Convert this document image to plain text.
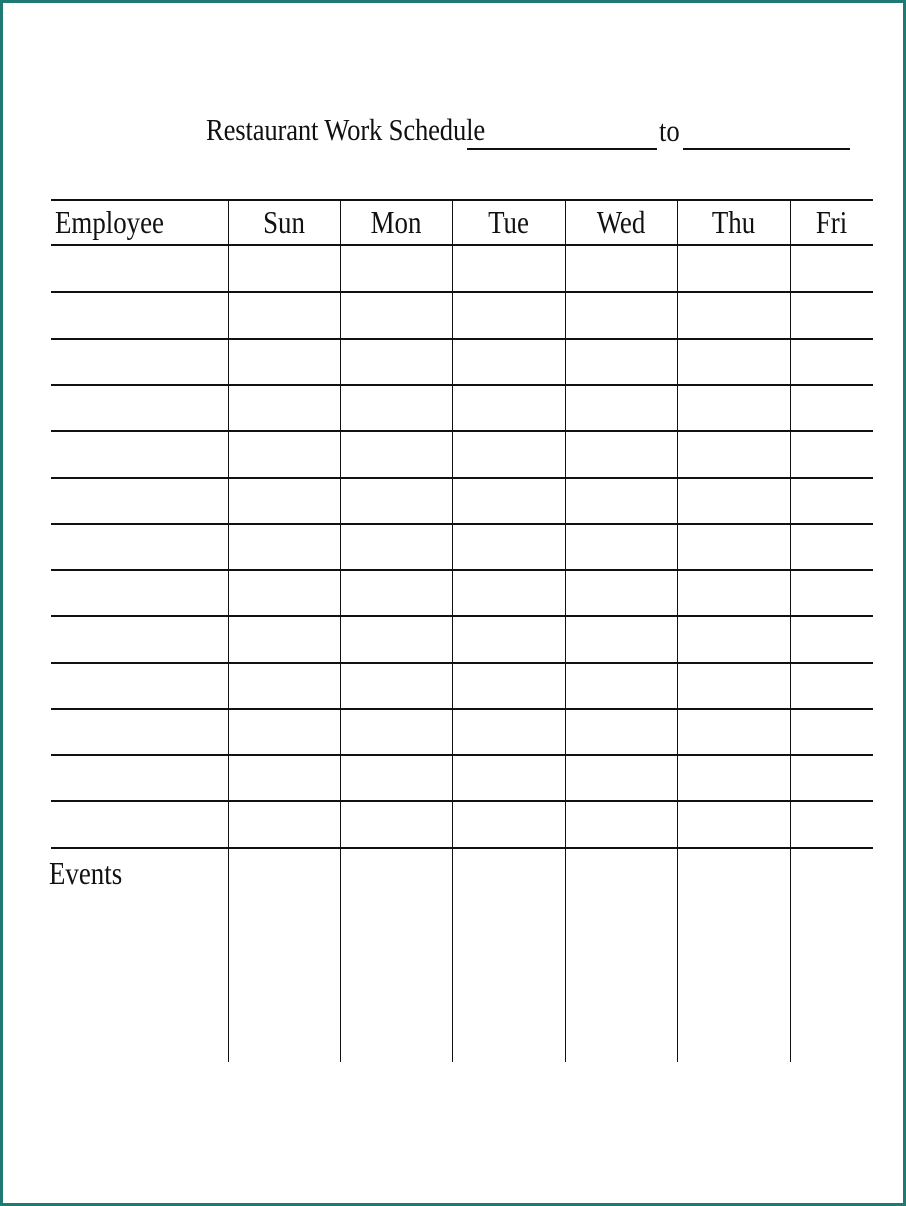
Restaurant Work Schedule	to
Employee	Sun	Mon	Tue	Wed	Thu	Fri
Events
